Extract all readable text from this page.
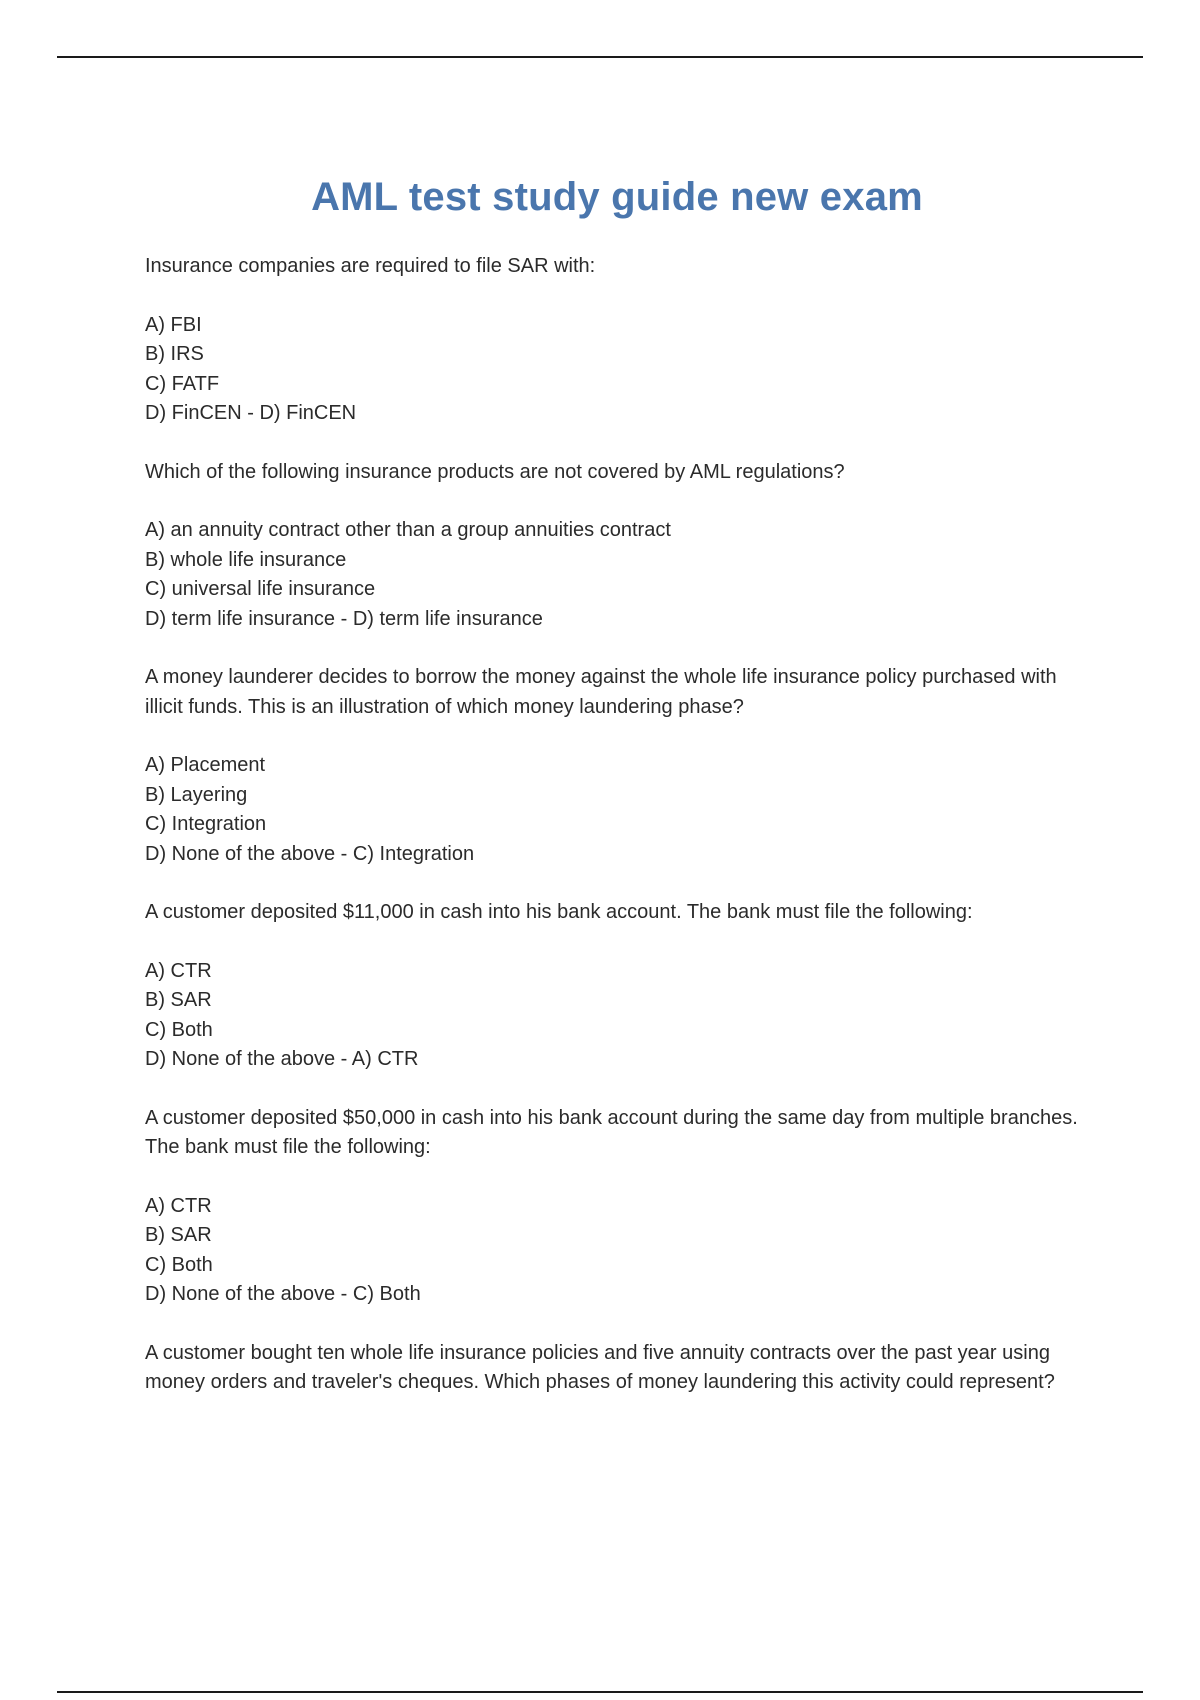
AML test study guide new exam

Insurance companies are required to file SAR with:

A) FBI
B) IRS
C) FATF
D) FinCEN - D) FinCEN

Which of the following insurance products are not covered by AML regulations?

A) an annuity contract other than a group annuities contract
B) whole life insurance
C) universal life insurance
D) term life insurance - D) term life insurance

A money launderer decides to borrow the money against the whole life insurance policy purchased with illicit funds. This is an illustration of which money laundering phase?

A) Placement
B) Layering
C) Integration
D) None of the above - C) Integration

A customer deposited $11,000 in cash into his bank account. The bank must file the following:

A) CTR
B) SAR
C) Both
D) None of the above - A) CTR

A customer deposited $50,000 in cash into his bank account during the same day from multiple branches. The bank must file the following:

A) CTR
B) SAR
C) Both
D) None of the above - C) Both

A customer bought ten whole life insurance policies and five annuity contracts over the past year using money orders and traveler's cheques. Which phases of money laundering this activity could represent?
